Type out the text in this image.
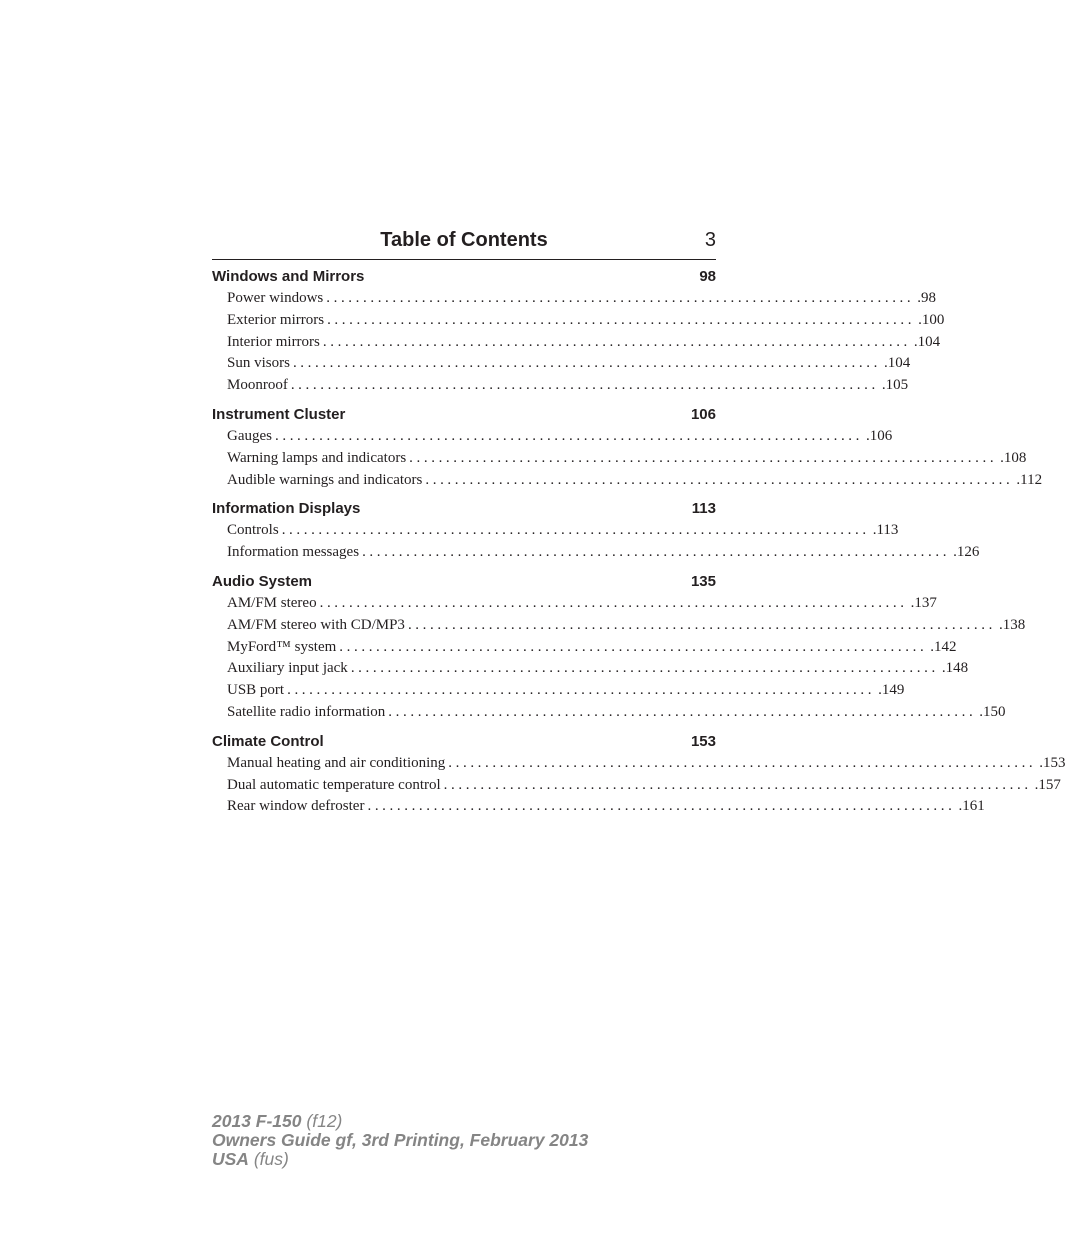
Table of Contents	3
Windows and Mirrors	98
Power windows ................................................................................ .98
Exterior mirrors ................................................................................ .100
Interior mirrors ................................................................................ .104
Sun visors ................................................................................ .104
Moonroof ................................................................................ .105
Instrument Cluster	106
Gauges ................................................................................ .106
Warning lamps and indicators ................................................................................ .108
Audible warnings and indicators ................................................................................ .112
Information Displays	113
Controls ................................................................................ .113
Information messages ................................................................................ .126
Audio System	135
AM/FM stereo ................................................................................ .137
AM/FM stereo with CD/MP3 ................................................................................ .138
MyFord™ system ................................................................................ .142
Auxiliary input jack ................................................................................ .148
USB port ................................................................................ .149
Satellite radio information ................................................................................ .150
Climate Control	153
Manual heating and air conditioning ................................................................................ .153
Dual automatic temperature control ................................................................................ .157
Rear window defroster ................................................................................ .161
2013 F-150 (f12)
Owners Guide gf, 3rd Printing, February 2013
USA (fus)
